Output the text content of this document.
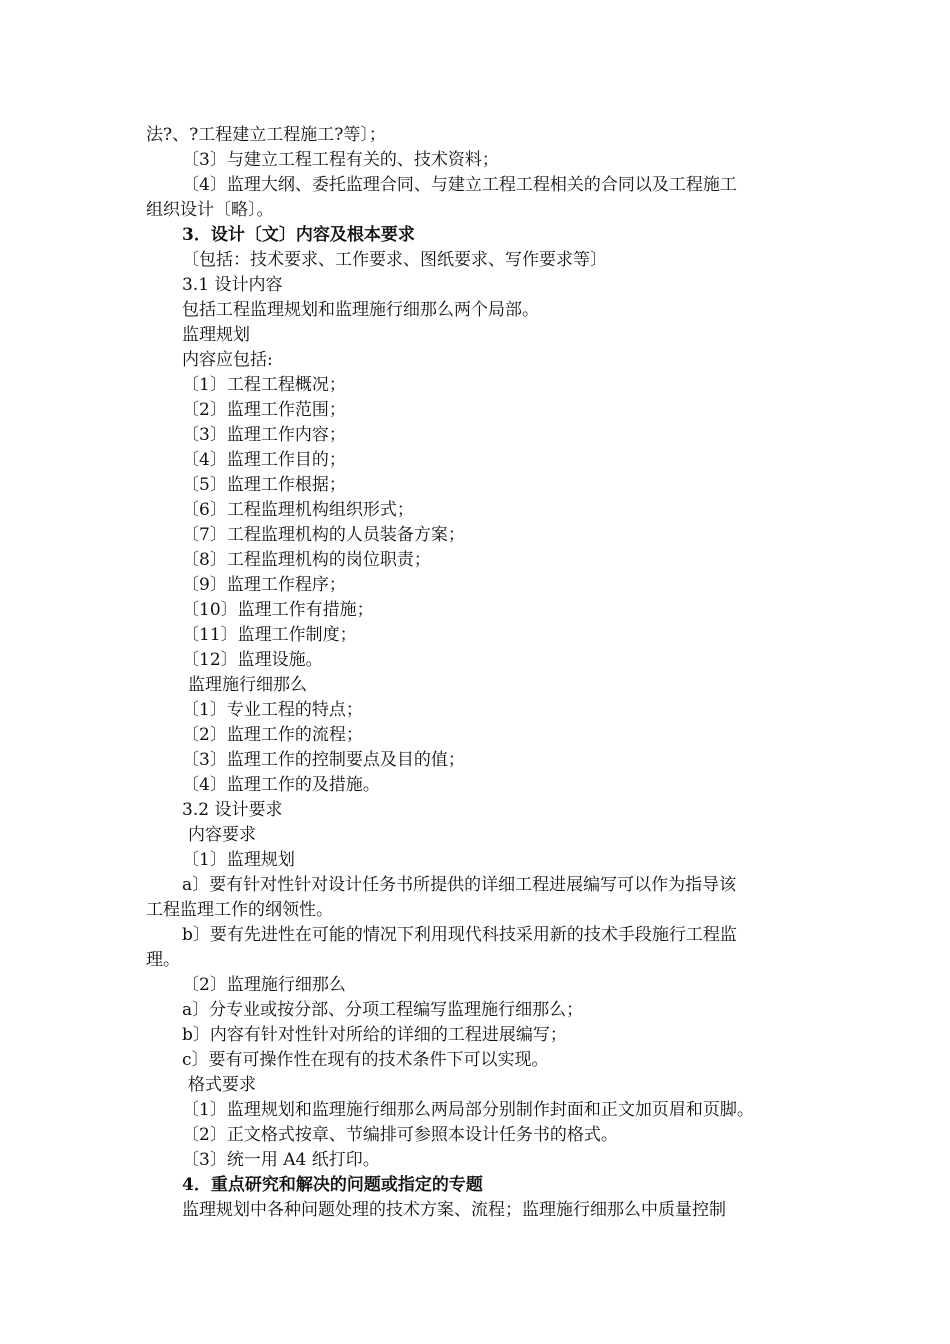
法?、?工程建立工程施工?等〕；
〔3〕与建立工程工程有关的、技术资料；
〔4〕监理大纲、委托监理合同、与建立工程工程相关的合同以及工程施工
组织设计〔略〕。
3．设计〔文〕内容及根本要求
〔包括：技术要求、工作要求、图纸要求、写作要求等〕
3.1 设计内容
包括工程监理规划和监理施行细那么两个局部。
监理规划
内容应包括:
〔1〕工程工程概况；
〔2〕监理工作范围；
〔3〕监理工作内容；
〔4〕监理工作目的；
〔5〕监理工作根据；
〔6〕工程监理机构组织形式；
〔7〕工程监理机构的人员装备方案；
〔8〕工程监理机构的岗位职责；
〔9〕监理工作程序；
〔10〕监理工作有措施；
〔11〕监理工作制度；
〔12〕监理设施。
监理施行细那么
〔1〕专业工程的特点；
〔2〕监理工作的流程；
〔3〕监理工作的控制要点及目的值；
〔4〕监理工作的及措施。
3.2 设计要求
内容要求
〔1〕监理规划
a〕要有针对性针对设计任务书所提供的详细工程进展编写可以作为指导该
工程监理工作的纲领性。
b〕要有先进性在可能的情况下利用现代科技采用新的技术手段施行工程监
理。
〔2〕监理施行细那么
a〕分专业或按分部、分项工程编写监理施行细那么；
b〕内容有针对性针对所给的详细的工程进展编写；
c〕要有可操作性在现有的技术条件下可以实现。
格式要求
〔1〕监理规划和监理施行细那么两局部分别制作封面和正文加页眉和页脚。
〔2〕正文格式按章、节编排可参照本设计任务书的格式。
〔3〕统一用 A4 纸打印。
4．重点研究和解决的问题或指定的专题
监理规划中各种问题处理的技术方案、流程；监理施行细那么中质量控制
